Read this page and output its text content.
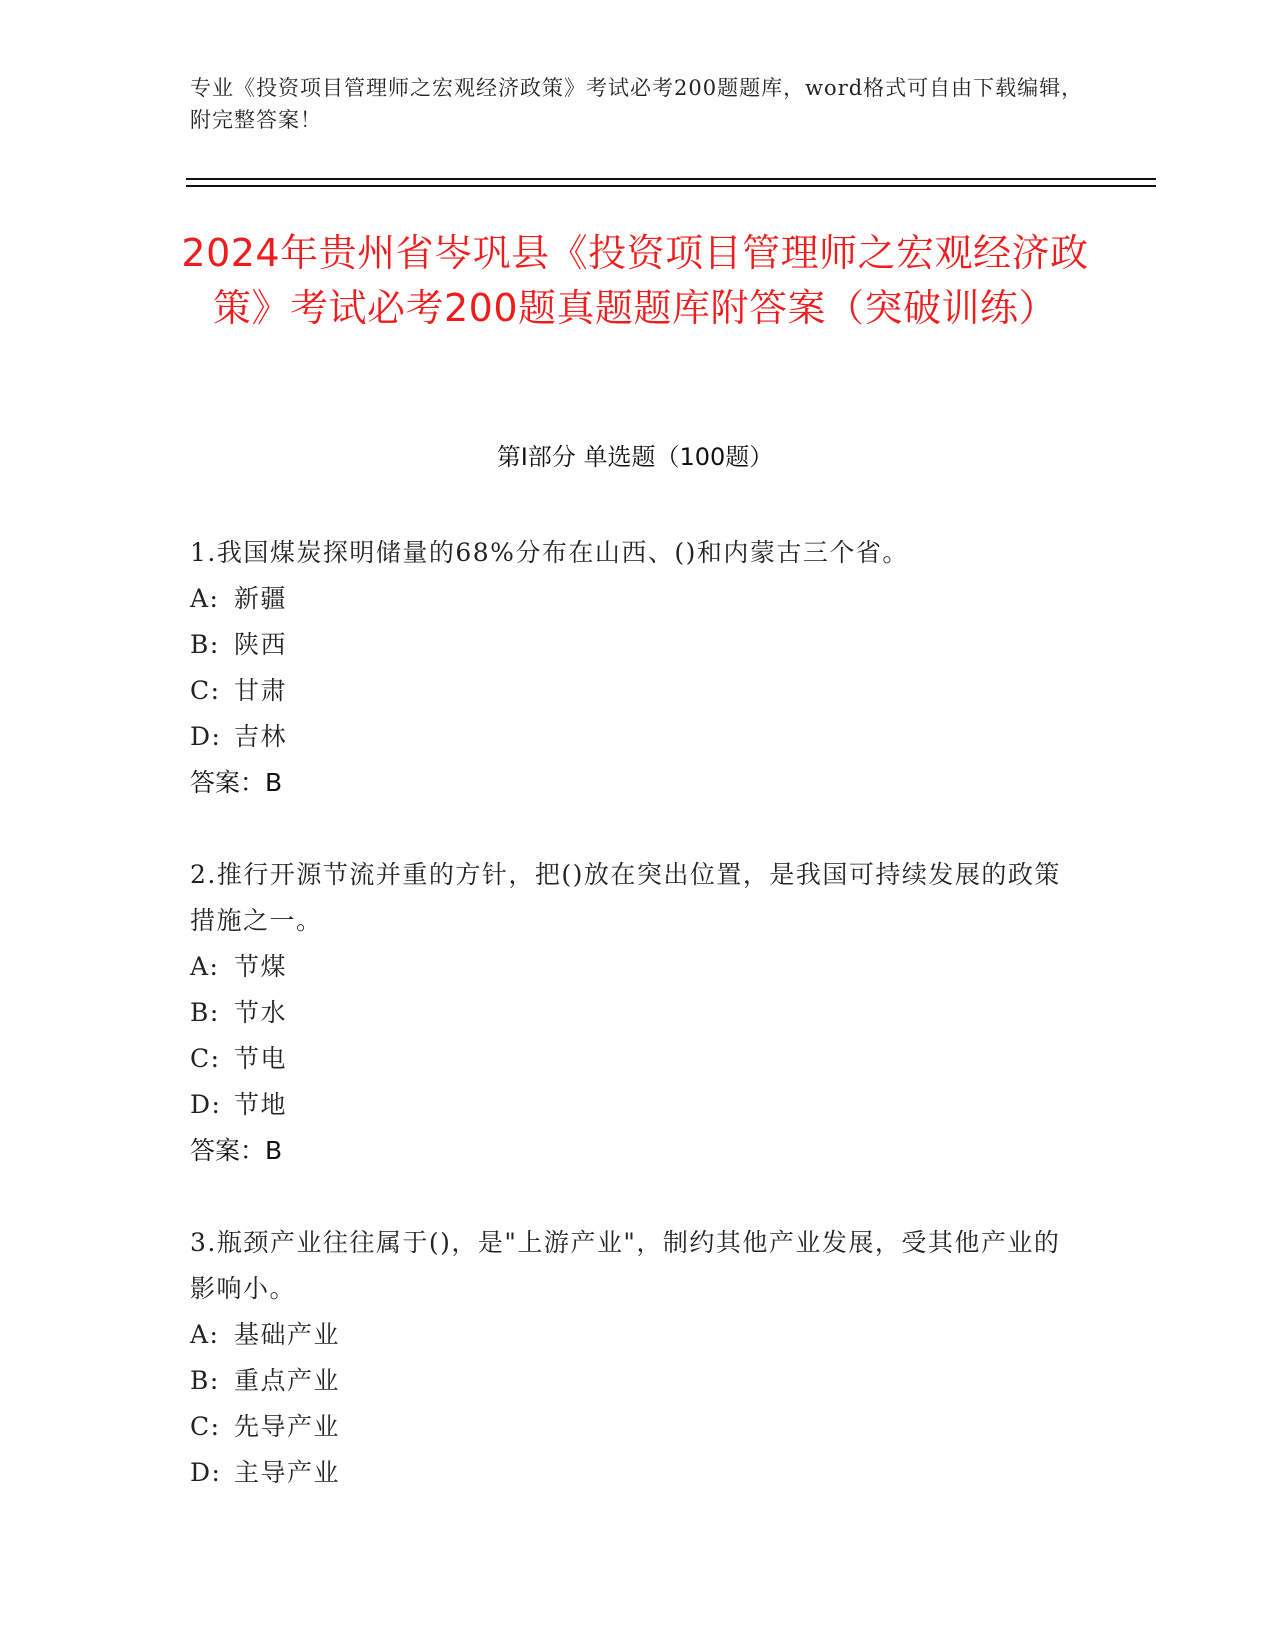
专业《投资项目管理师之宏观经济政策》考试必考200题题库，word格式可自由下载编辑，附完整答案！
2024年贵州省岑巩县《投资项目管理师之宏观经济政策》考试必考200题真题题库附答案（突破训练）
第Ⅰ部分 单选题（100题）
1.我国煤炭探明储量的68%分布在山西、()和内蒙古三个省。
A: 新疆
B: 陕西
C: 甘肃
D: 吉林
答案：B
2.推行开源节流并重的方针，把()放在突出位置，是我国可持续发展的政策措施之一。
A: 节煤
B: 节水
C: 节电
D: 节地
答案：B
3.瓶颈产业往往属于()，是"上游产业"，制约其他产业发展，受其他产业的影响小。
A: 基础产业
B: 重点产业
C: 先导产业
D: 主导产业
